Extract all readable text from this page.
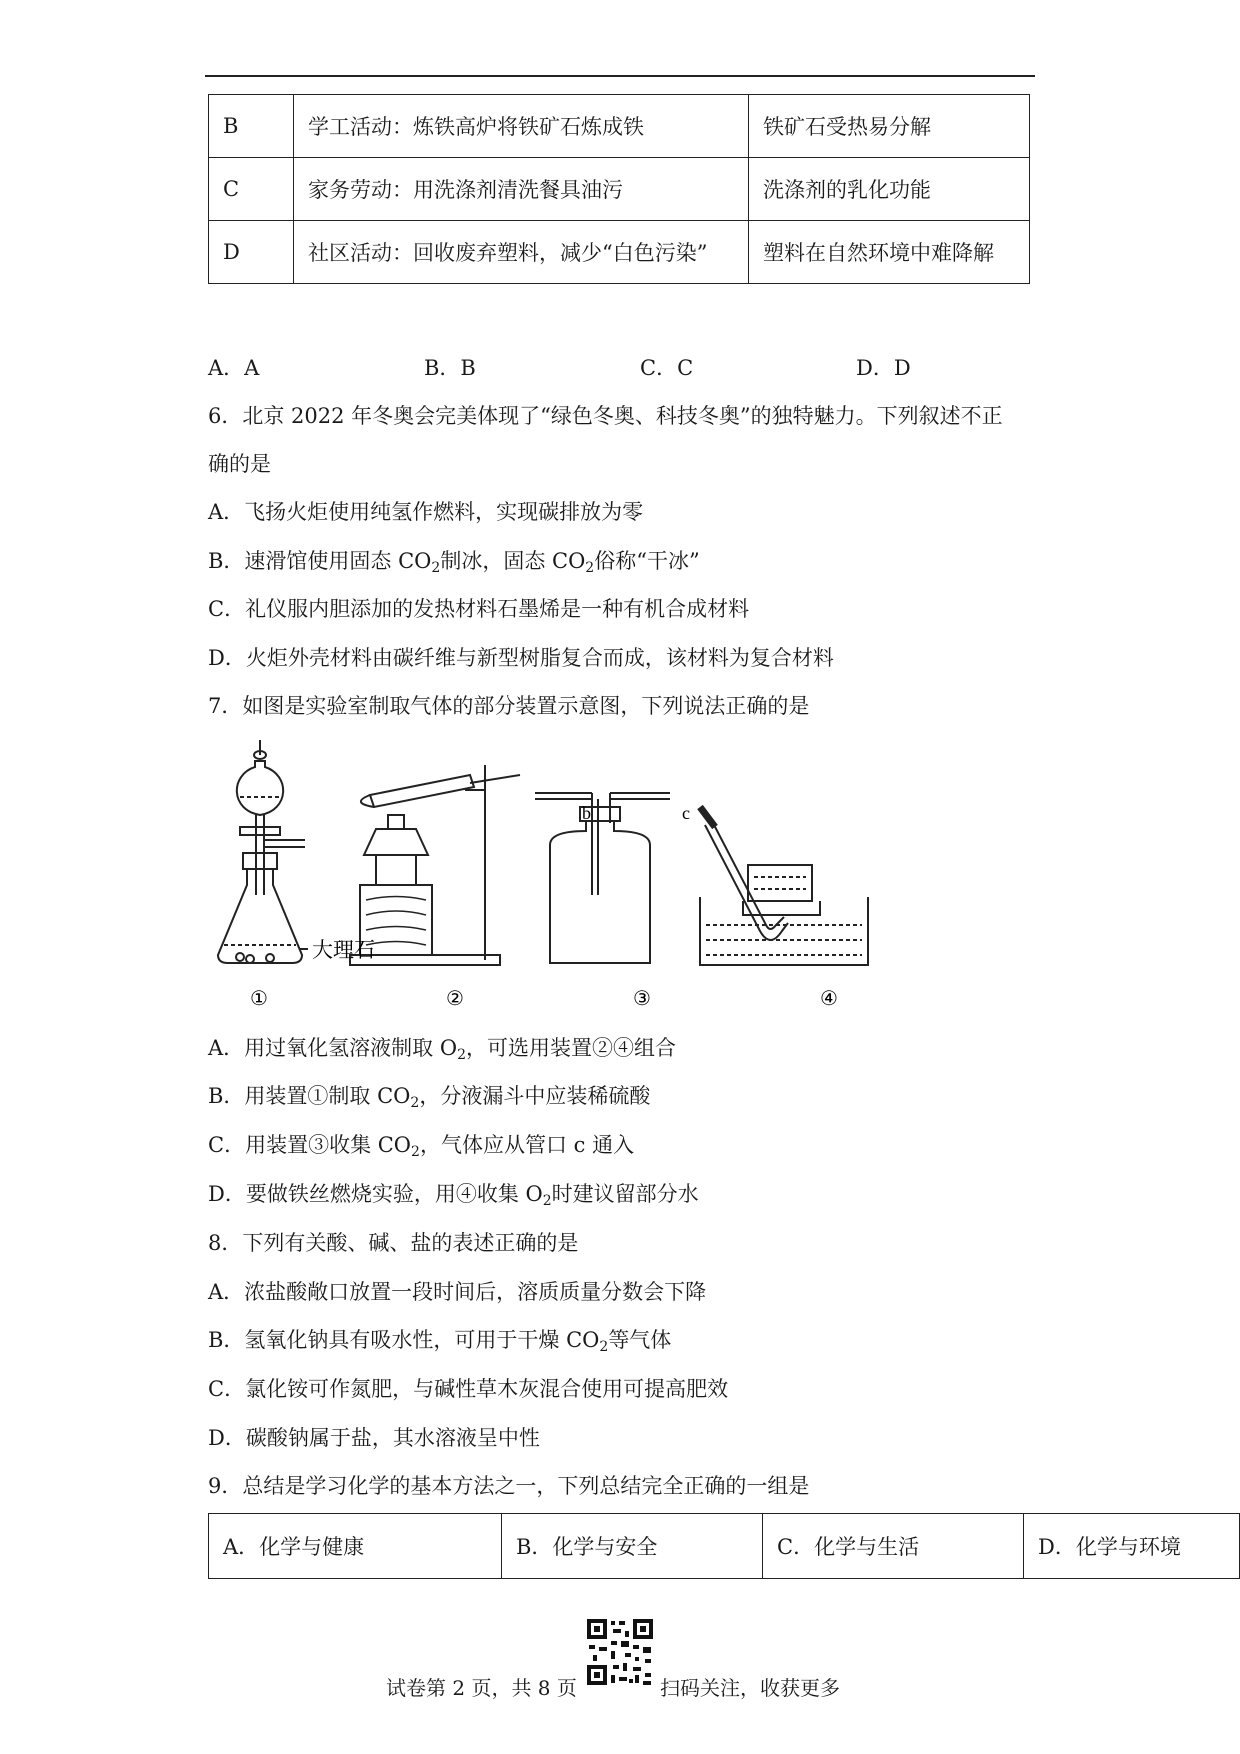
B	学工活动：炼铁高炉将铁矿石炼成铁	铁矿石受热易分解
C	家务劳动：用洗涤剂清洗餐具油污	洗涤剂的乳化功能
D	社区活动：回收废弃塑料，减少“白色污染”	塑料在自然环境中难降解
A．A	B．B	C．C	D．D
6．北京 2022 年冬奥会完美体现了“绿色冬奥、科技冬奥”的独特魅力。下列叙述不正
确的是
A．飞扬火炬使用纯氢作燃料，实现碳排放为零
B．速滑馆使用固态 $CO_2$制冰，固态 $CO_2$俗称“干冰”
C．礼仪服内胆添加的发热材料石墨烯是一种有机合成材料
D．火炬外壳材料由碳纤维与新型树脂复合而成，该材料为复合材料
7．如图是实验室制取气体的部分装置示意图，下列说法正确的是
大理石
b	c
①	②	③	④
A．用过氧化氢溶液制取 $O_2$，可选用装置②④组合
B．用装置①制取 $CO_2$，分液漏斗中应装稀硫酸
C．用装置③收集 $CO_2$，气体应从管口 c 通入
D．要做铁丝燃烧实验，用④收集 $O_2$时建议留部分水
8．下列有关酸、碱、盐的表述正确的是
A．浓盐酸敞口放置一段时间后，溶质质量分数会下降
B．氢氧化钠具有吸水性，可用于干燥 $CO_2$等气体
C．氯化铵可作氮肥，与碱性草木灰混合使用可提高肥效
D．碳酸钠属于盐，其水溶液呈中性
9．总结是学习化学的基本方法之一，下列总结完全正确的一组是
A．化学与健康	B．化学与安全	C．化学与生活	D．化学与环境
试卷第 2 页，共 8 页	扫码关注，收获更多
